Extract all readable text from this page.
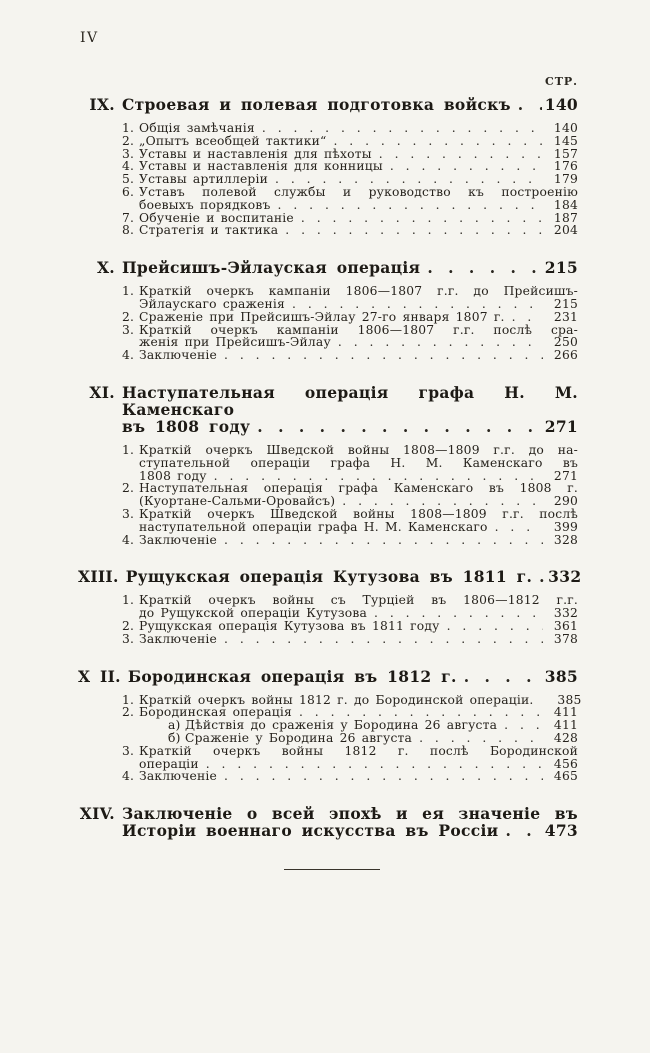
IV
СТР.
IX. Строевая и полевая подготовка войскъ . . . 140
1. Общія замѣчанія . . .	140
2. „Опытъ всеобщей тактики“ . . .	145
3. Уставы и наставленія для пѣхоты . . .	157
4. Уставы и наставленія для конницы . . .	176
5. Уставы артиллеріи . . .	179
6. Уставъ полевой службы и руководство къ построенію
боевыхъ порядковъ . . .	184
7. Обученіе и воспитаніе . . .	187
8. Стратегія и тактика . . .	204
X. Прейсишъ-Эйлауская операція . . .	215
1. Краткій очеркъ кампаніи 1806—1807 г.г. до Прейсишъ-
Эйлаускаго сраженія . . .	215
2. Сраженіе при Прейсишъ-Эйлау 27-го января 1807 г. . . .	231
3. Краткій очеркъ кампаніи 1806—1807 г.г. послѣ сра-
женія при Прейсишъ-Эйлау . . .	250
4. Заключеніе . . .	266
XI. Наступательная операція графа Н. М. Каменскаго
въ 1808 году . . .	271
1. Краткій очеркъ Шведской войны 1808—1809 г.г. до на-
ступательной операціи графа Н. М. Каменскаго въ
1808 году . . .	271
2. Наступательная операція графа Каменскаго въ 1808 г.
(Куортане-Сальми-Оровайсъ) . . .	290
3. Краткій очеркъ Шведской войны 1808—1809 г.г. послѣ
наступательной операціи графа Н. М. Каменскаго . . .	399
4. Заключеніе . . .	328
XIII. Рущукская операція Кутузова въ 1811 г. . . . 332
1. Краткій очеркъ войны съ Турціей въ 1806—1812 г.г.
до Рущукской операціи Кутузова . . .	332
2. Рущукская операція Кутузова въ 1811 году . . .	361
3. Заключеніе . . .	378
Х II. Бородинская операція въ 1812 г. . . .	385
1. Краткій очеркъ войны 1812 г. до Бородинской операціи.	385
2. Бородинская операція . . .	411
а) Дѣйствія до сраженія у Бородина 26 августа . . .	411
б) Сраженіе у Бородина 26 августа . . .	428
3. Краткій очеркъ войны 1812 г. послѣ Бородинской
операціи . . .	456
4. Заключеніе . . .	465
XIV. Заключеніе о всей эпохѣ и ея значеніе въ
Исторіи военнаго искусства въ Россіи . . .	473
